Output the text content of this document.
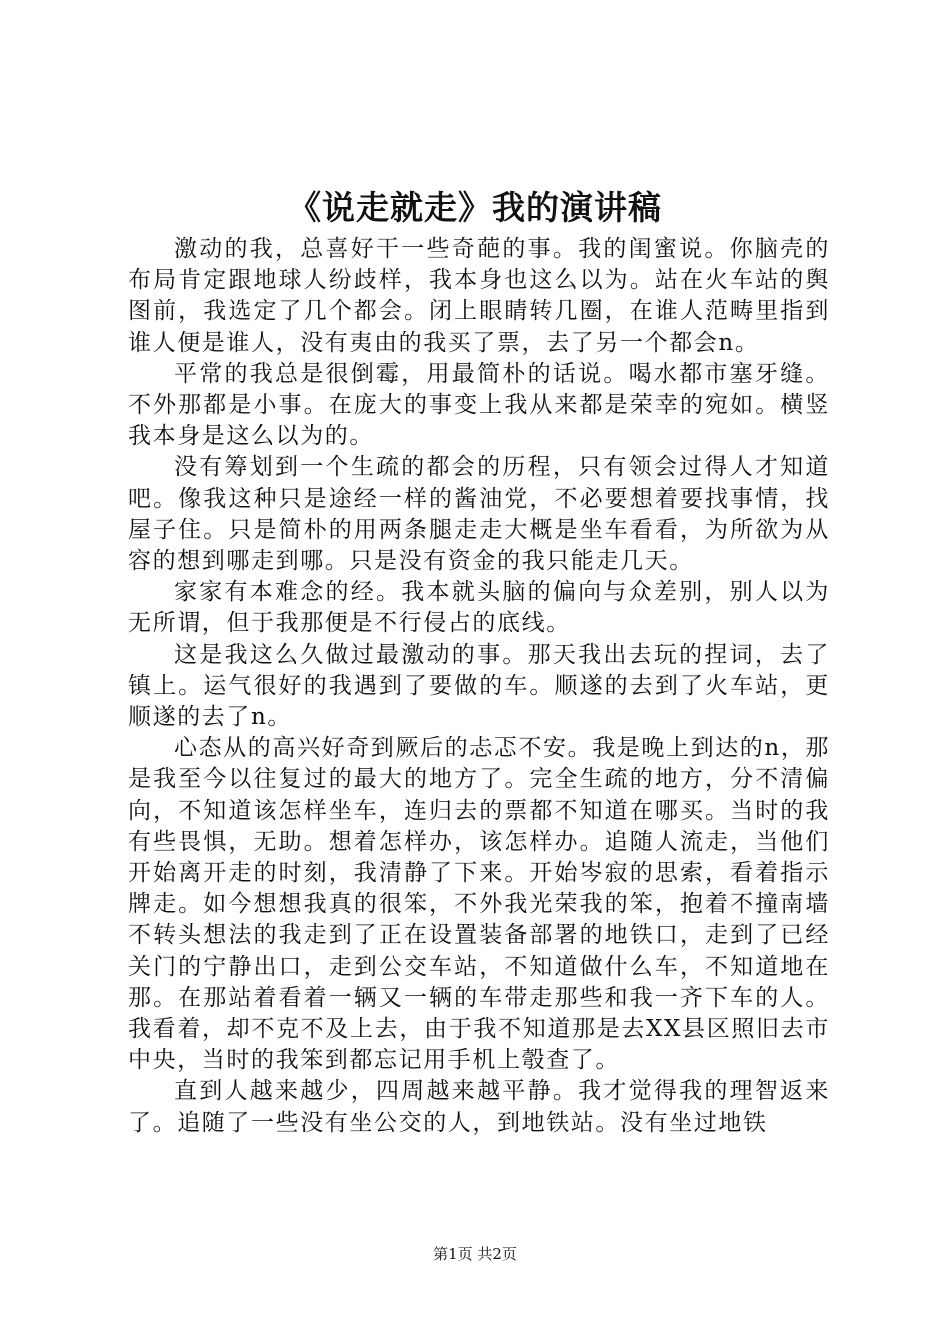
《说走就走》我的演讲稿

激动的我，总喜好干一些奇葩的事。我的闺蜜说。你脑壳的布局肯定跟地球人纷歧样，我本身也这么以为。站在火车站的舆图前，我选定了几个都会。闭上眼睛转几圈，在谁人范畴里指到谁人便是谁人，没有夷由的我买了票，去了另一个都会n。

平常的我总是很倒霉，用最简朴的话说。喝水都市塞牙缝。不外那都是小事。在庞大的事变上我从来都是荣幸的宛如。横竖我本身是这么以为的。

没有筹划到一个生疏的都会的历程，只有领会过得人才知道吧。像我这种只是途经一样的酱油党，不必要想着要找事情，找屋子住。只是简朴的用两条腿走走大概是坐车看看，为所欲为从容的想到哪走到哪。只是没有资金的我只能走几天。

家家有本难念的经。我本就头脑的偏向与众差别，别人以为无所谓，但于我那便是不行侵占的底线。

这是我这么久做过最激动的事。那天我出去玩的捏词，去了镇上。运气很好的我遇到了要做的车。顺遂的去到了火车站，更顺遂的去了n。

心态从的高兴好奇到厥后的忐忑不安。我是晚上到达的n，那是我至今以往复过的最大的地方了。完全生疏的地方，分不清偏向，不知道该怎样坐车，连归去的票都不知道在哪买。当时的我有些畏惧，无助。想着怎样办，该怎样办。追随人流走，当他们开始离开走的时刻，我清静了下来。开始岑寂的思索，看着指示牌走。如今想想我真的很笨，不外我光荣我的笨，抱着不撞南墙不转头想法的我走到了正在设置装备部署的地铁口，走到了已经关门的宁静出口，走到公交车站，不知道做什么车，不知道地在那。在那站着看着一辆又一辆的车带走那些和我一齐下车的人。我看着，却不克不及上去，由于我不知道那是去XX县区照旧去市中央，当时的我笨到都忘记用手机上彀查了。

直到人越来越少，四周越来越平静。我才觉得我的理智返来了。追随了一些没有坐公交的人，到地铁站。没有坐过地铁

第1页 共2页
